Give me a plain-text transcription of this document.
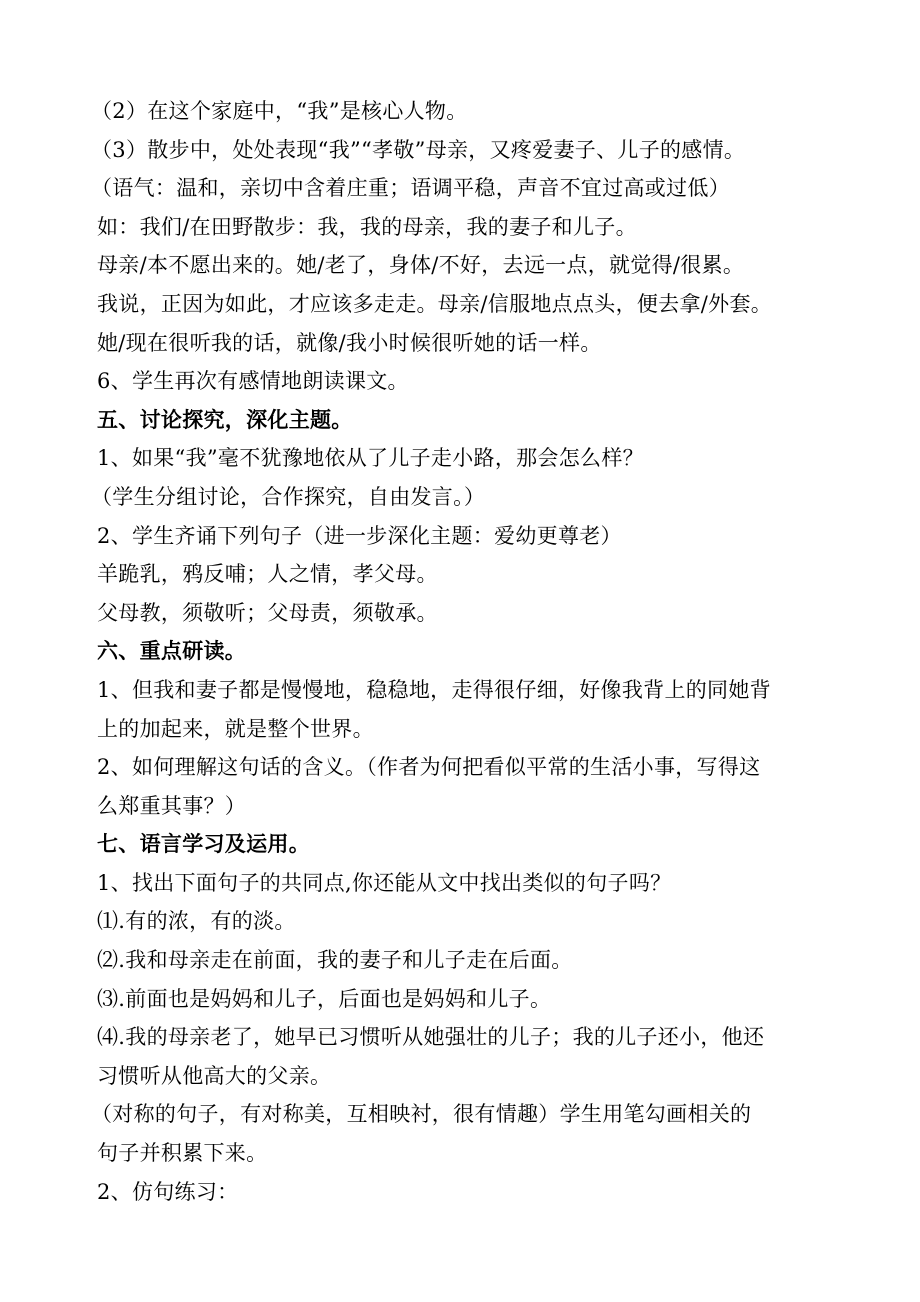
（2）在这个家庭中，“我”是核心人物。
（3）散步中，处处表现“我”“孝敬”母亲，又疼爱妻子、儿子的感情。
（语气：温和，亲切中含着庄重；语调平稳，声音不宜过高或过低）
如：我们/在田野散步：我，我的母亲，我的妻子和儿子。
母亲/本不愿出来的。她/老了，身体/不好，去远一点，就觉得/很累。
我说，正因为如此，才应该多走走。母亲/信服地点点头，便去拿/外套。
她/现在很听我的话，就像/我小时候很听她的话一样。
6、学生再次有感情地朗读课文。
五、讨论探究，深化主题。
1、如果“我”毫不犹豫地依从了儿子走小路，那会怎么样？
（学生分组讨论，合作探究，自由发言。）
2、学生齐诵下列句子（进一步深化主题：爱幼更尊老）
羊跪乳，鸦反哺；人之情，孝父母。
父母教，须敬听；父母责，须敬承。
六、重点研读。
1、但我和妻子都是慢慢地，稳稳地，走得很仔细，好像我背上的同她背
上的加起来，就是整个世界。
2、如何理解这句话的含义。（作者为何把看似平常的生活小事，写得这
么郑重其事？）
七、语言学习及运用。
1、找出下面句子的共同点,你还能从文中找出类似的句子吗？
⑴.有的浓，有的淡。
⑵.我和母亲走在前面，我的妻子和儿子走在后面。
⑶.前面也是妈妈和儿子，后面也是妈妈和儿子。
⑷.我的母亲老了，她早已习惯听从她强壮的儿子；我的儿子还小，他还
习惯听从他高大的父亲。
（对称的句子，有对称美，互相映衬，很有情趣）学生用笔勾画相关的
句子并积累下来。
2、仿句练习：
